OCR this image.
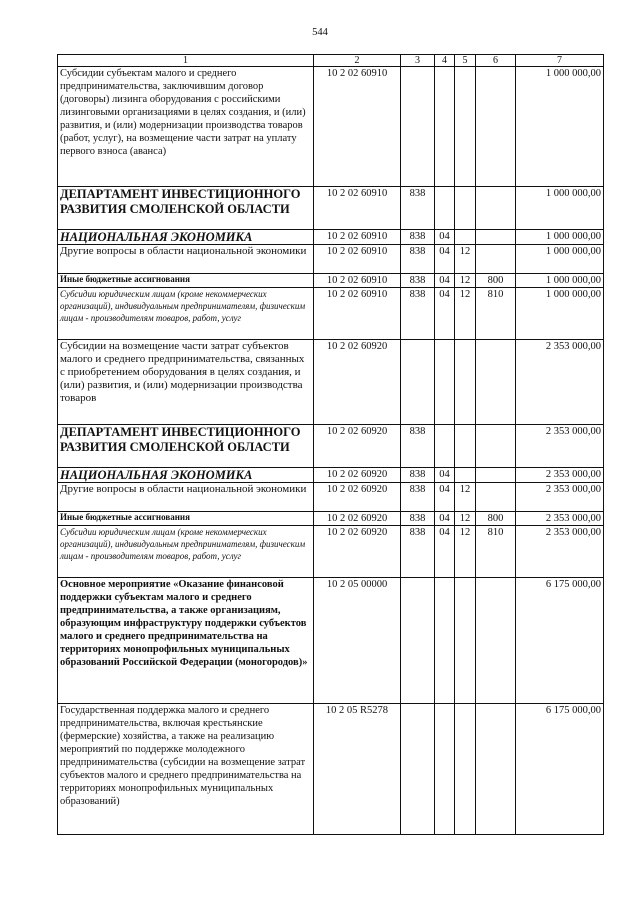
544
1	2	3	4	5	6	7
Субсидии субъектам малого и среднего предпринимательства, заключившим договор (договоры) лизинга оборудования с российскими лизинговыми организациями в целях создания, и (или) развития, и (или) модернизации производства товаров (работ, услуг), на возмещение части затрат на уплату первого взноса (аванса)	10 2 02 60910					1 000 000,00
ДЕПАРТАМЕНТ ИНВЕСТИЦИОННОГО РАЗВИТИЯ СМОЛЕНСКОЙ ОБЛАСТИ	10 2 02 60910	838				1 000 000,00
НАЦИОНАЛЬНАЯ ЭКОНОМИКА	10 2 02 60910	838	04			1 000 000,00
Другие вопросы в области национальной экономики	10 2 02 60910	838	04	12		1 000 000,00
Иные бюджетные ассигнования	10 2 02 60910	838	04	12	800	1 000 000,00
Субсидии юридическим лицам (кроме некоммерческих организаций), индивидуальным предпринимателям, физическим лицам - производителям товаров, работ, услуг	10 2 02 60910	838	04	12	810	1 000 000,00
Субсидии на возмещение части затрат субъектов малого и среднего предпринимательства, связанных с приобретением оборудования в целях создания, и (или) развития, и (или) модернизации производства товаров	10 2 02 60920					2 353 000,00
ДЕПАРТАМЕНТ ИНВЕСТИЦИОННОГО РАЗВИТИЯ СМОЛЕНСКОЙ ОБЛАСТИ	10 2 02 60920	838				2 353 000,00
НАЦИОНАЛЬНАЯ ЭКОНОМИКА	10 2 02 60920	838	04			2 353 000,00
Другие вопросы в области национальной экономики	10 2 02 60920	838	04	12		2 353 000,00
Иные бюджетные ассигнования	10 2 02 60920	838	04	12	800	2 353 000,00
Субсидии юридическим лицам (кроме некоммерческих организаций), индивидуальным предпринимателям, физическим лицам - производителям товаров, работ, услуг	10 2 02 60920	838	04	12	810	2 353 000,00
Основное мероприятие «Оказание финансовой поддержки субъектам малого и среднего предпринимательства, а также организациям, образующим инфраструктуру поддержки субъектов малого и среднего предпринимательства на территориях монопрофильных муниципальных образований Российской Федерации (моногородов)»	10 2 05 00000					6 175 000,00
Государственная поддержка малого и среднего предпринимательства, включая крестьянские (фермерские) хозяйства, а также на реализацию мероприятий по поддержке молодежного предпринимательства (субсидии на возмещение затрат субъектов малого и среднего предпринимательства на территориях монопрофильных муниципальных образований)	10 2 05 R5278					6 175 000,00
